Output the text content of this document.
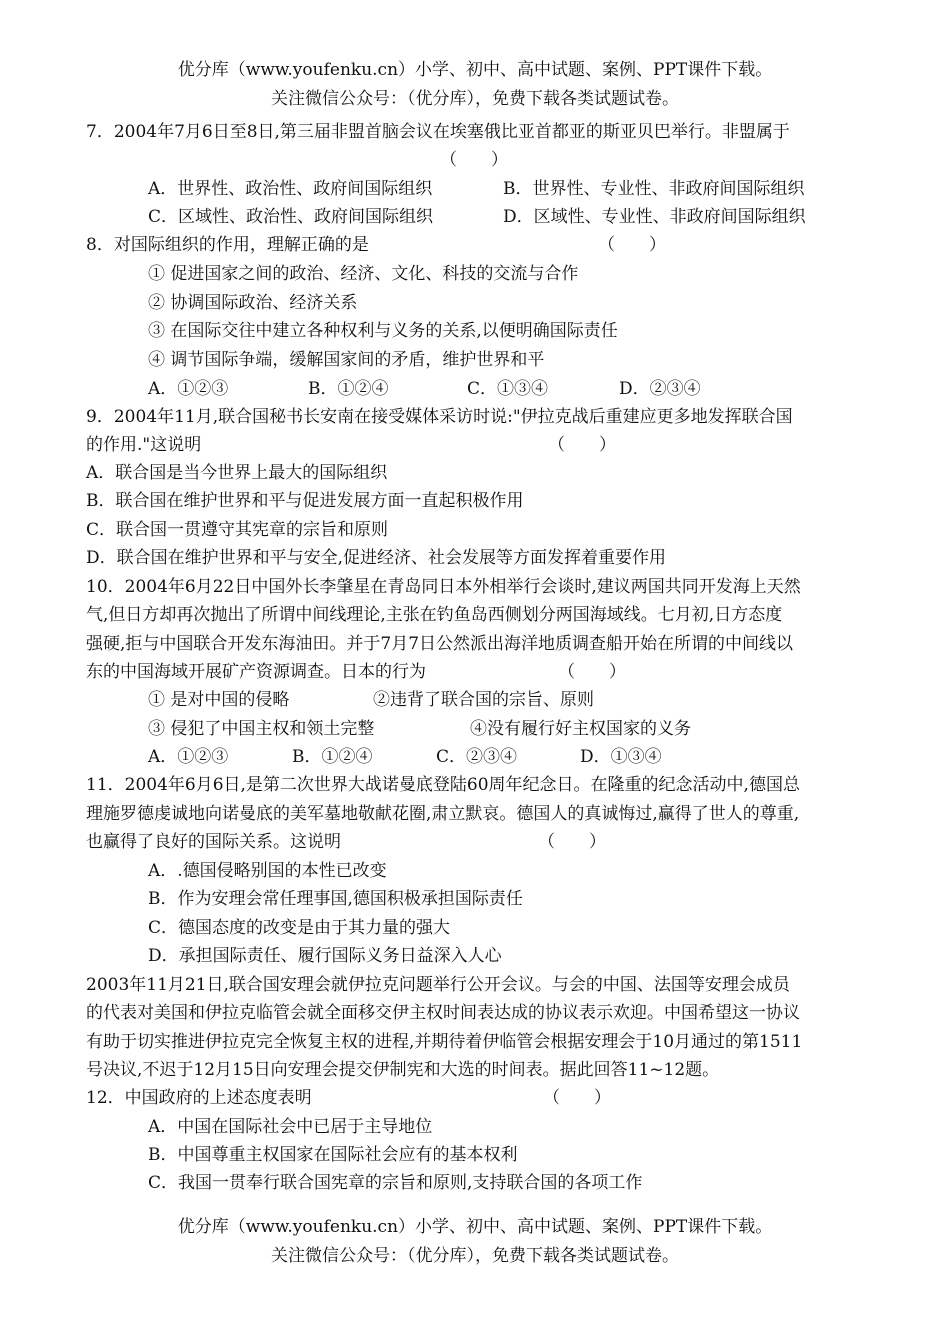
优分库（www.youfenku.cn）小学、初中、高中试题、案例、PPT课件下载。
关注微信公众号：（优分库），免费下载各类试题试卷。
7．2004年7月6日至8日,第三届非盟首脑会议在埃塞俄比亚首都亚的斯亚贝巴举行。非盟属于
（　　）
A．世界性、政治性、政府间国际组织	B．世界性、专业性、非政府间国际组织
C．区域性、政治性、政府间国际组织	D．区域性、专业性、非政府间国际组织
8．对国际组织的作用，理解正确的是	（　　）
① 促进国家之间的政治、经济、文化、科技的交流与合作
② 协调国际政治、经济关系
③ 在国际交往中建立各种权利与义务的关系,以便明确国际责任
④ 调节国际争端，缓解国家间的矛盾，维护世界和平
A．①②③	B．①②④	C．①③④	D．②③④
9．2004年11月,联合国秘书长安南在接受媒体采访时说:"伊拉克战后重建应更多地发挥联合国
的作用."这说明	（　　）
A．联合国是当今世界上最大的国际组织
B．联合国在维护世界和平与促进发展方面一直起积极作用
C．联合国一贯遵守其宪章的宗旨和原则
D．联合国在维护世界和平与安全,促进经济、社会发展等方面发挥着重要作用
10．2004年6月22日中国外长李肇星在青岛同日本外相举行会谈时,建议两国共同开发海上天然
气,但日方却再次抛出了所谓中间线理论,主张在钓鱼岛西侧划分两国海域线。七月初,日方态度
强硬,拒与中国联合开发东海油田。并于7月7日公然派出海洋地质调查船开始在所谓的中间线以
东的中国海域开展矿产资源调查。日本的行为	（　　）
① 是对中国的侵略	②违背了联合国的宗旨、原则
③ 侵犯了中国主权和领土完整	④没有履行好主权国家的义务
A．①②③	B．①②④	C．②③④	D．①③④
11．2004年6月6日,是第二次世界大战诺曼底登陆60周年纪念日。在隆重的纪念活动中,德国总
理施罗德虔诚地向诺曼底的美军墓地敬献花圈,肃立默哀。德国人的真诚悔过,赢得了世人的尊重,
也赢得了良好的国际关系。这说明	（　　）
A．.德国侵略别国的本性已改变
B．作为安理会常任理事国,德国积极承担国际责任
C．德国态度的改变是由于其力量的强大
D．承担国际责任、履行国际义务日益深入人心
2003年11月21日,联合国安理会就伊拉克问题举行公开会议。与会的中国、法国等安理会成员
的代表对美国和伊拉克临管会就全面移交伊主权时间表达成的协议表示欢迎。中国希望这一协议
有助于切实推进伊拉克完全恢复主权的进程,并期待着伊临管会根据安理会于10月通过的第1511
号决议,不迟于12月15日向安理会提交伊制宪和大选的时间表。据此回答11~12题。
12．中国政府的上述态度表明	（　　）
A．中国在国际社会中已居于主导地位
B．中国尊重主权国家在国际社会应有的基本权利
C．我国一贯奉行联合国宪章的宗旨和原则,支持联合国的各项工作
优分库（www.youfenku.cn）小学、初中、高中试题、案例、PPT课件下载。
关注微信公众号：（优分库），免费下载各类试题试卷。
